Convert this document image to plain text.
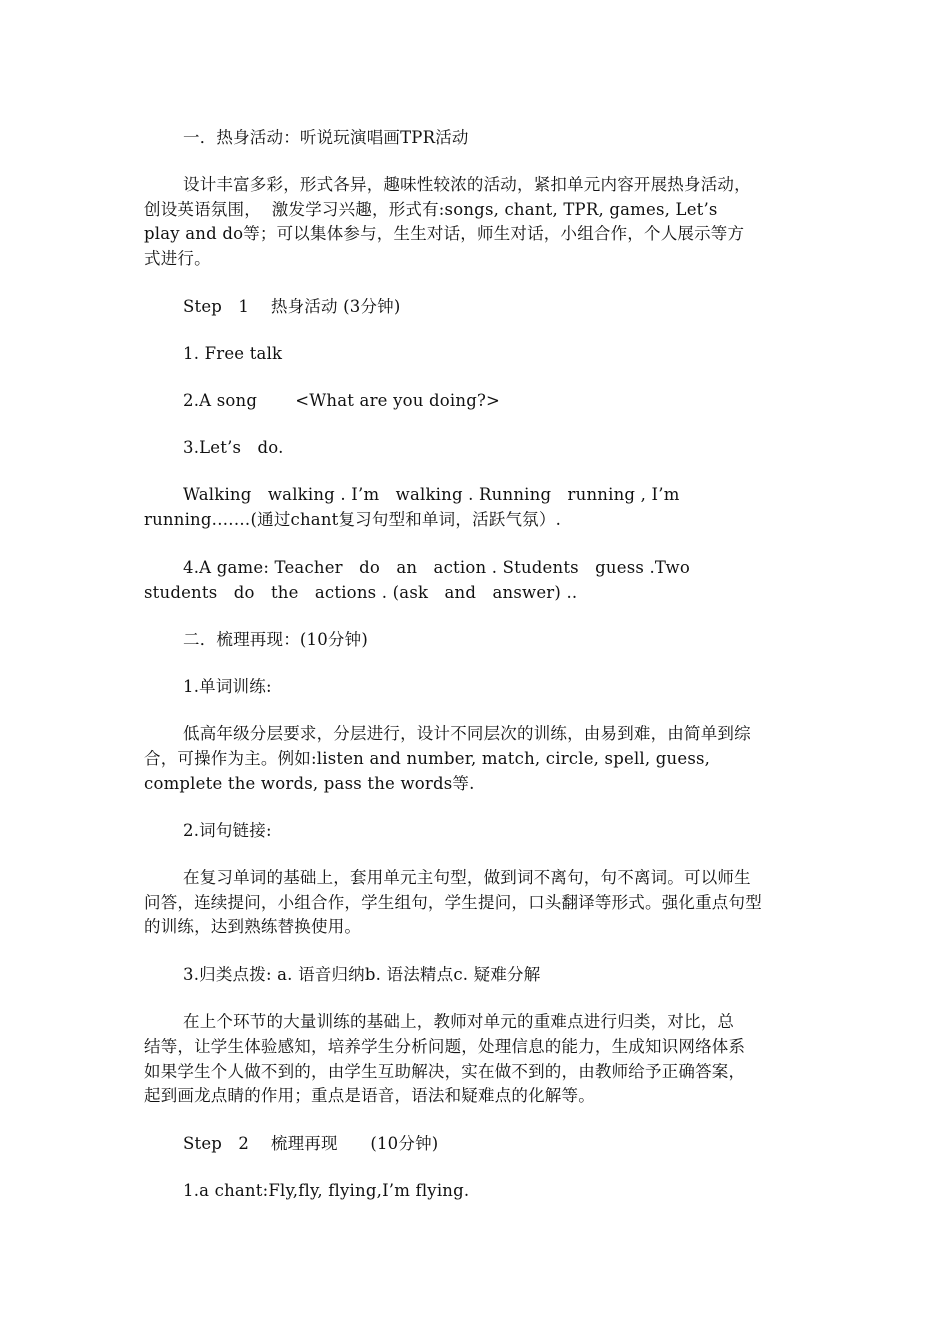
一．热身活动：听说玩演唱画TPR活动
设计丰富多彩，形式各异，趣味性较浓的活动，紧扣单元内容开展热身活动，
创设英语氛围，  激发学习兴趣，形式有:songs, chant, TPR, games, Let’s
play and do等；可以集体参与，生生对话，师生对话，小组合作，个人展示等方
式进行。
Step   1    热身活动 (3分钟)
1. Free talk
2.A song       <What are you doing?>
3.Let’s   do.
Walking   walking . I’m   walking . Running   running , I’m
running.……(通过chant复习句型和单词，活跃气氛）.
4.A game: Teacher   do   an   action . Students   guess .Two
students   do   the   actions . (ask   and   answer) ..
二．梳理再现：(10分钟)
1.单词训练:
低高年级分层要求，分层进行，设计不同层次的训练，由易到难，由简单到综
合，可操作为主。例如:listen and number, match, circle, spell, guess,
complete the words, pass the words等.
2.词句链接:
在复习单词的基础上，套用单元主句型，做到词不离句，句不离词。可以师生
问答，连续提问，小组合作，学生组句，学生提问，口头翻译等形式。强化重点句型
的训练，达到熟练替换使用。
3.归类点拨: a. 语音归纳b. 语法精点c. 疑难分解
在上个环节的大量训练的基础上，教师对单元的重难点进行归类，对比，总
结等，让学生体验感知，培养学生分析问题，处理信息的能力，生成知识网络体系
如果学生个人做不到的，由学生互助解决，实在做不到的，由教师给予正确答案，
起到画龙点睛的作用；重点是语音，语法和疑难点的化解等。
Step   2    梳理再现      (10分钟)
1.a chant:Fly,fly, flying,I’m flying.
